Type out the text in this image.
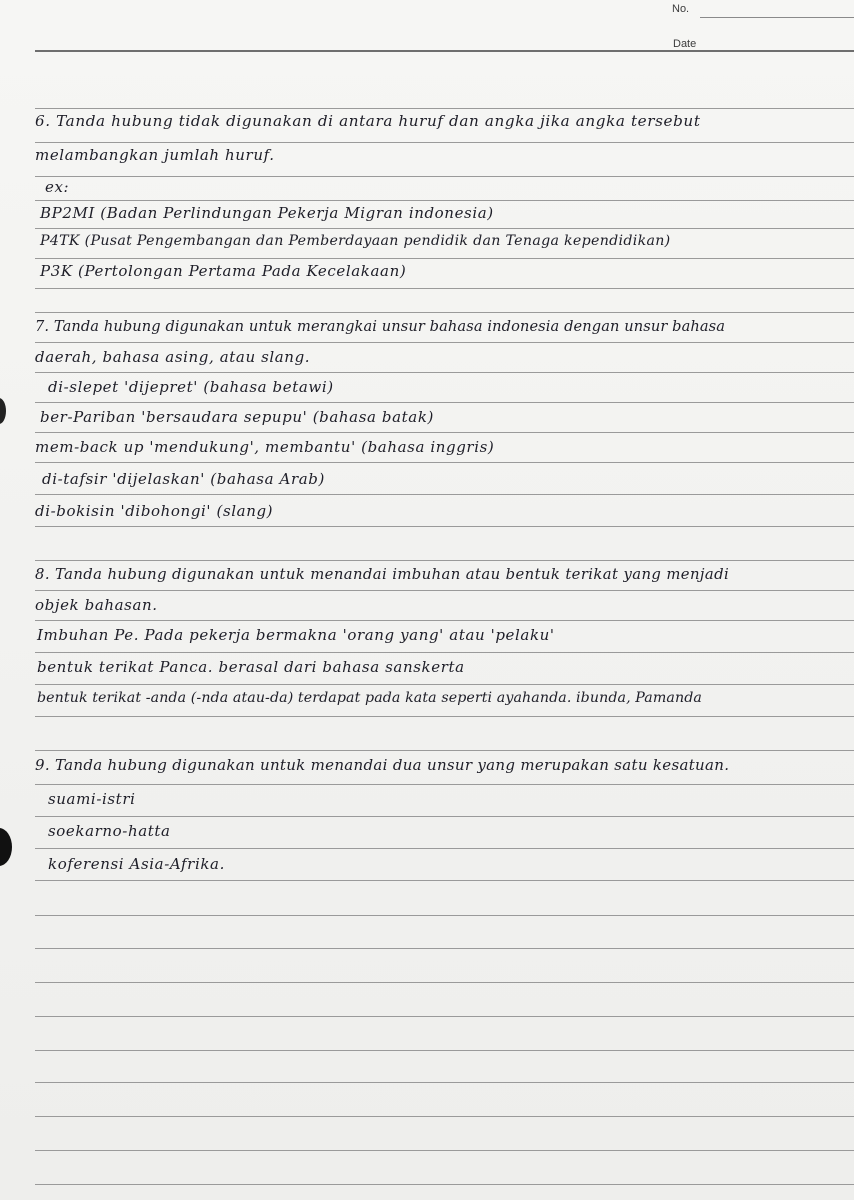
No.
Date
6. Tanda hubung tidak digunakan di antara huruf dan angka jika angka tersebut
melambangkan jumlah huruf.
ex:
BP2MI (Badan Perlindungan Pekerja Migran indonesia)
P4TK (Pusat Pengembangan dan Pemberdayaan pendidik dan Tenaga kependidikan)
P3K (Pertolongan Pertama Pada Kecelakaan)
7. Tanda hubung digunakan untuk merangkai unsur bahasa indonesia dengan unsur bahasa
daerah, bahasa asing, atau slang.
di-slepet 'dijepret' (bahasa betawi)
ber-Pariban 'bersaudara sepupu' (bahasa batak)
mem-back up 'mendukung', membantu' (bahasa inggris)
di-tafsir 'dijelaskan' (bahasa Arab)
di-bokisin 'dibohongi' (slang)
8. Tanda hubung digunakan untuk menandai imbuhan atau bentuk terikat yang menjadi
objek bahasan.
Imbuhan Pe. Pada pekerja bermakna 'orang yang' atau 'pelaku'
bentuk terikat Panca. berasal dari bahasa sanskerta
bentuk terikat -anda (-nda atau-da) terdapat pada kata seperti ayahanda. ibunda, Pamanda
9. Tanda hubung digunakan untuk menandai dua unsur yang merupakan satu kesatuan.
suami-istri
soekarno-hatta
koferensi Asia-Afrika.
